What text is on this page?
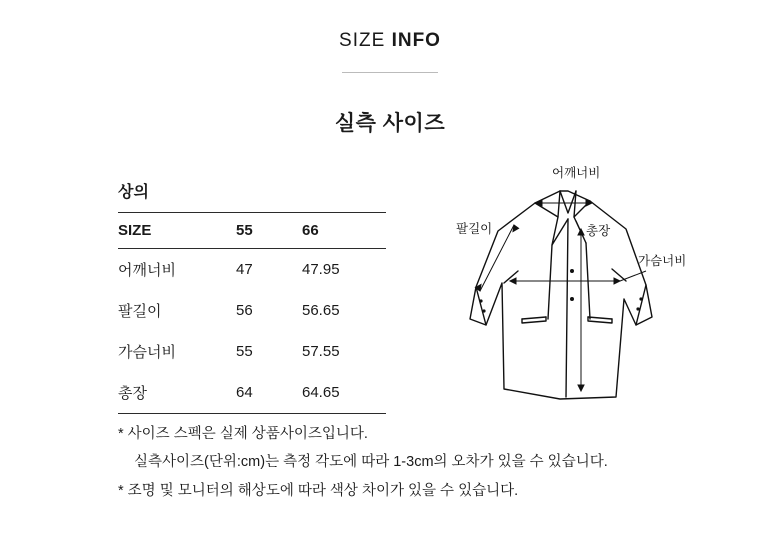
SIZE INFO
실측 사이즈
상의
SIZE	55	66
어깨너비	47	47.95
팔길이	56	56.65
가슴너비	55	57.55
총장	64	64.65
어깨너비
팔길이	총장
가슴너비
* 사이즈 스펙은 실제 상품사이즈입니다.
실측사이즈(단위:cm)는 측정 각도에 따라 1-3cm의 오차가 있을 수 있습니다.
* 조명 및 모니터의 해상도에 따라 색상 차이가 있을 수 있습니다.
